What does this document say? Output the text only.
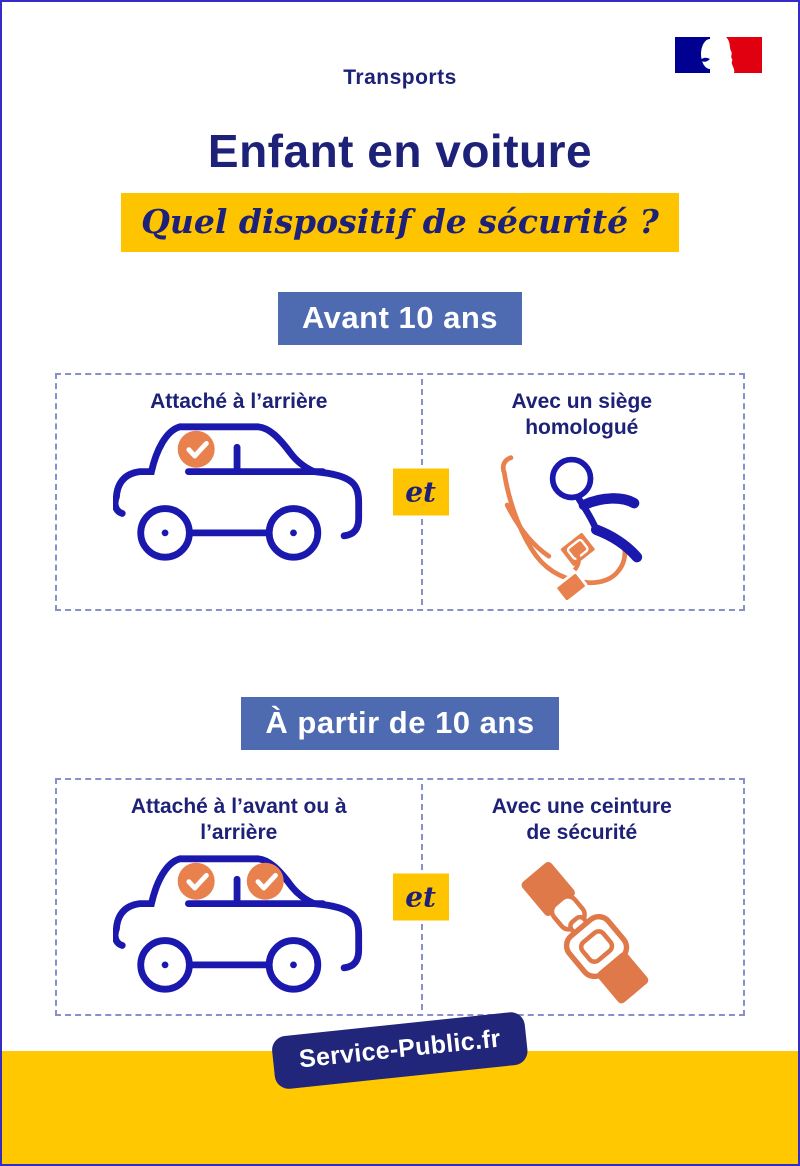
Transports
Enfant en voiture
Quel dispositif de sécurité ?
Avant 10 ans
Attaché à l’arrière	Avec un siège homologué
et
À partir de 10 ans
Attaché à l’avant ou à l’arrière
Avec une ceinture de sécurité
et
Service-Public.fr
